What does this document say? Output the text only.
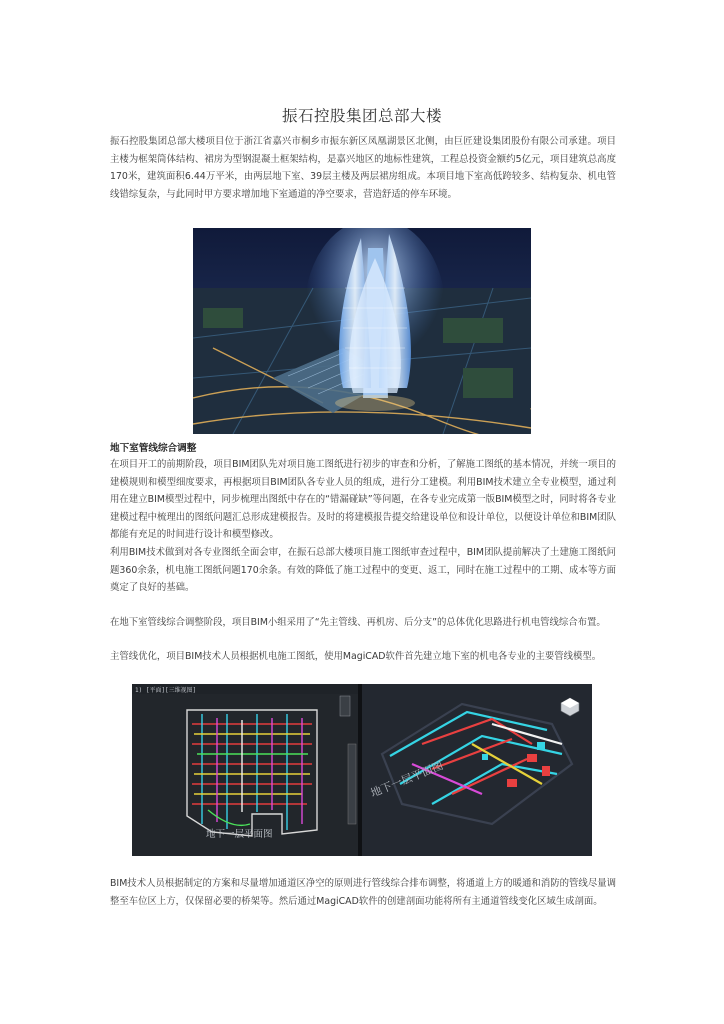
振石控股集团总部大楼
振石控股集团总部大楼项目位于浙江省嘉兴市桐乡市振东新区凤凰湖景区北侧，由巨匠建设集团股份有限公司承建。项目主楼为框架筒体结构、裙房为型钢混凝土框架结构，是嘉兴地区的地标性建筑，工程总投资金额约5亿元，项目建筑总高度170米，建筑面积6.44万平米，由两层地下室、39层主楼及两层裙房组成。本项目地下室高低跨较多、结构复杂、机电管线错综复杂，与此同时甲方要求增加地下室通道的净空要求，营造舒适的停车环境。
地下室管线综合调整
在项目开工的前期阶段，项目BIM团队先对项目施工图纸进行初步的审查和分析，了解施工图纸的基本情况，并统一项目的建模规则和模型细度要求，再根据项目BIM团队各专业人员的组成，进行分工建模。利用BIM技术建立全专业模型，通过利用在建立BIM模型过程中，同步梳理出图纸中存在的“错漏碰缺”等问题，在各专业完成第一版BIM模型之时，同时将各专业建模过程中梳理出的图纸问题汇总形成建模报告。及时的将建模报告提交给建设单位和设计单位，以便设计单位和BIM团队都能有充足的时间进行设计和模型修改。
利用BIM技术做到对各专业图纸全面会审，在振石总部大楼项目施工图纸审查过程中，BIM团队提前解决了土建施工图纸问题360余条，机电施工图纸问题170余条。有效的降低了施工过程中的变更、返工，同时在施工过程中的工期、成本等方面奠定了良好的基础。
在地下室管线综合调整阶段，项目BIM小组采用了“先主管线、再机房、后分支”的总体优化思路进行机电管线综合布置。
主管线优化，项目BIM技术人员根据机电施工图纸，使用MagiCAD软件首先建立地下室的机电各专业的主要管线模型。
1) [平面][三维视图]
地下一层平面图
地下一层平面图
BIM技术人员根据制定的方案和尽量增加通道区净空的原则进行管线综合排布调整，将通道上方的暖通和消防的管线尽量调整至车位区上方，仅保留必要的桥架等。然后通过MagiCAD软件的创建剖面功能将所有主通道管线变化区域生成剖面。
